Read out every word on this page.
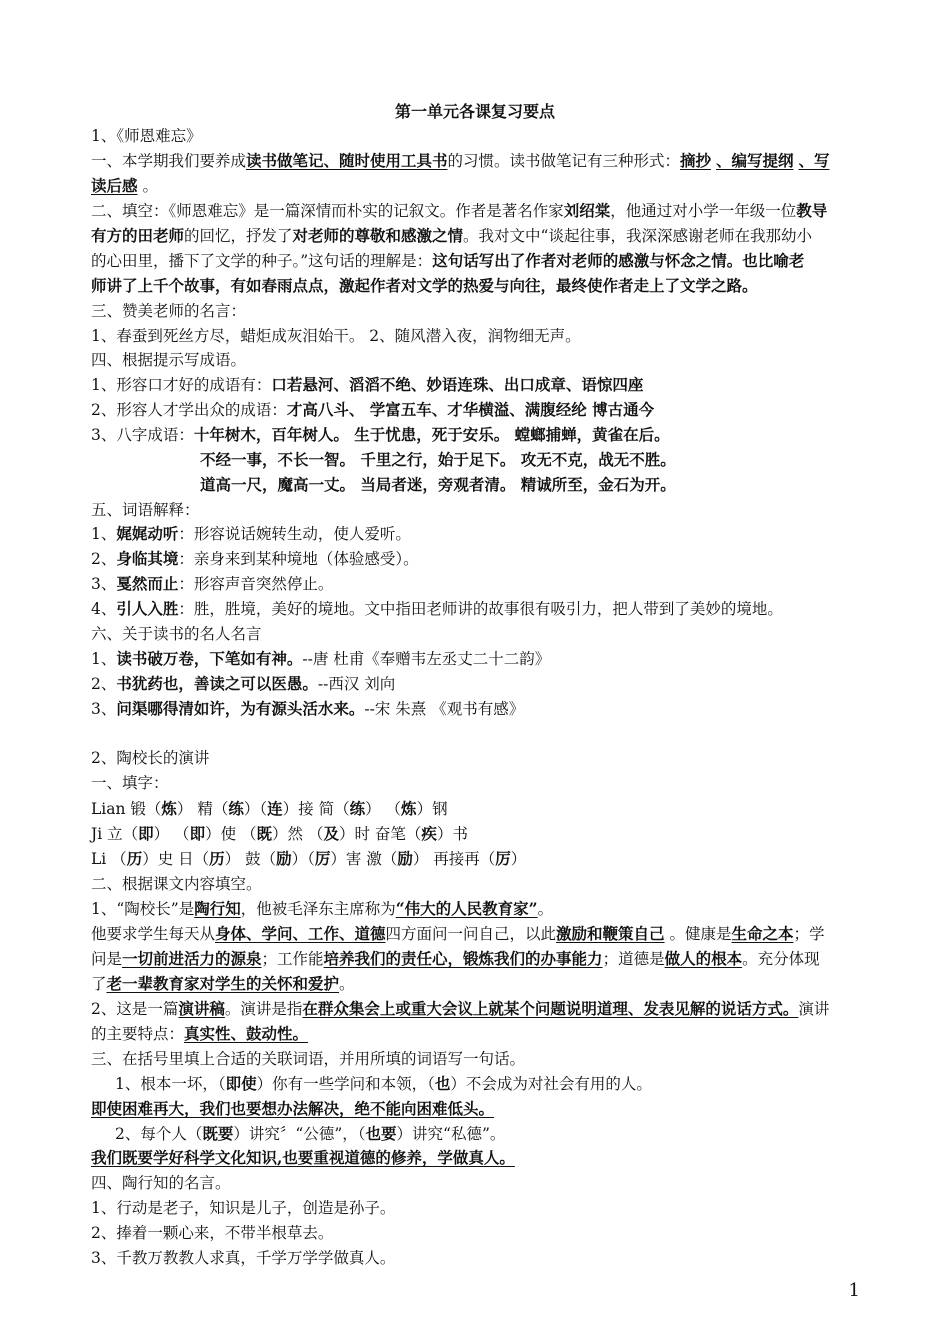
第一单元各课复习要点
1、《师恩难忘》
一、本学期我们要养成读书做笔记、随时使用工具书的习惯。读书做笔记有三种形式：摘抄 、编写提纲 、写
读后感 。
二、填空：《师恩难忘》是一篇深情而朴实的记叙文。作者是著名作家刘绍棠，他通过对小学一年级一位教导
有方的田老师的回忆，抒发了对老师的尊敬和感激之情。我对文中“谈起往事，我深深感谢老师在我那幼小
的心田里，播下了文学的种子。”这句话的理解是：这句话写出了作者对老师的感激与怀念之情。也比喻老
师讲了上千个故事，有如春雨点点，激起作者对文学的热爱与向往，最终使作者走上了文学之路。
三、赞美老师的名言：
1、春蚕到死丝方尽，蜡炬成灰泪始干。 2、随风潜入夜，润物细无声。
四、根据提示写成语。
1、形容口才好的成语有：口若悬河、滔滔不绝、妙语连珠、出口成章、语惊四座
2、形容人才学出众的成语：才高八斗、 学富五车、才华横溢、满腹经纶 博古通今
3、八字成语：十年树木，百年树人。 生于忧患，死于安乐。 螳螂捕蝉，黄雀在后。
不经一事，不长一智。 千里之行，始于足下。 攻无不克，战无不胜。
道高一尺，魔高一丈。 当局者迷，旁观者清。 精诚所至，金石为开。
五、词语解释：
1、娓娓动听：形容说话婉转生动，使人爱听。
2、身临其境：亲身来到某种境地（体验感受）。
3、戛然而止：形容声音突然停止。
4、引人入胜：胜，胜境，美好的境地。文中指田老师讲的故事很有吸引力，把人带到了美妙的境地。
六、关于读书的名人名言
1、读书破万卷，下笔如有神。--唐 杜甫《奉赠韦左丞丈二十二韵》
2、书犹药也，善读之可以医愚。--西汉 刘向
3、问渠哪得清如许，为有源头活水来。--宋 朱熹 《观书有感》
2、陶校长的演讲
一、填字：
Lian 锻（炼） 精（练）（连）接 简（练） （炼）钢
Ji 立（即） （即）使 （既）然 （及）时 奋笔（疾）书
Li （历）史 日（历） 鼓（励）（厉）害 激（励） 再接再（厉）
二、根据课文内容填空。
1、“陶校长”是陶行知，他被毛泽东主席称为“伟大的人民教育家”。
他要求学生每天从身体、学问、工作、道德四方面问一问自己，以此激励和鞭策自己 。健康是生命之本；学
问是一切前进活力的源泉；工作能培养我们的责任心，锻炼我们的办事能力；道德是做人的根本。充分体现
了老一辈教育家对学生的关怀和爱护。
2、这是一篇演讲稿。演讲是指在群众集会上或重大会议上就某个问题说明道理、发表见解的说话方式。演讲
的主要特点：真实性、鼓动性。
三、在括号里填上合适的关联词语，并用所填的词语写一句话。
1、根本一坏，（即使）你有一些学问和本领，（也）不会成为对社会有用的人。
即使困难再大，我们也要想办法解决，绝不能向困难低头。
2、每个人（既要）讲究〞“公德”，（也要）讲究“私德”。
我们既要学好科学文化知识,也要重视道德的修养，学做真人。
四、陶行知的名言。
1、行动是老子，知识是儿子，创造是孙子。
2、捧着一颗心来，不带半根草去。
3、千教万教教人求真，千学万学学做真人。
1
